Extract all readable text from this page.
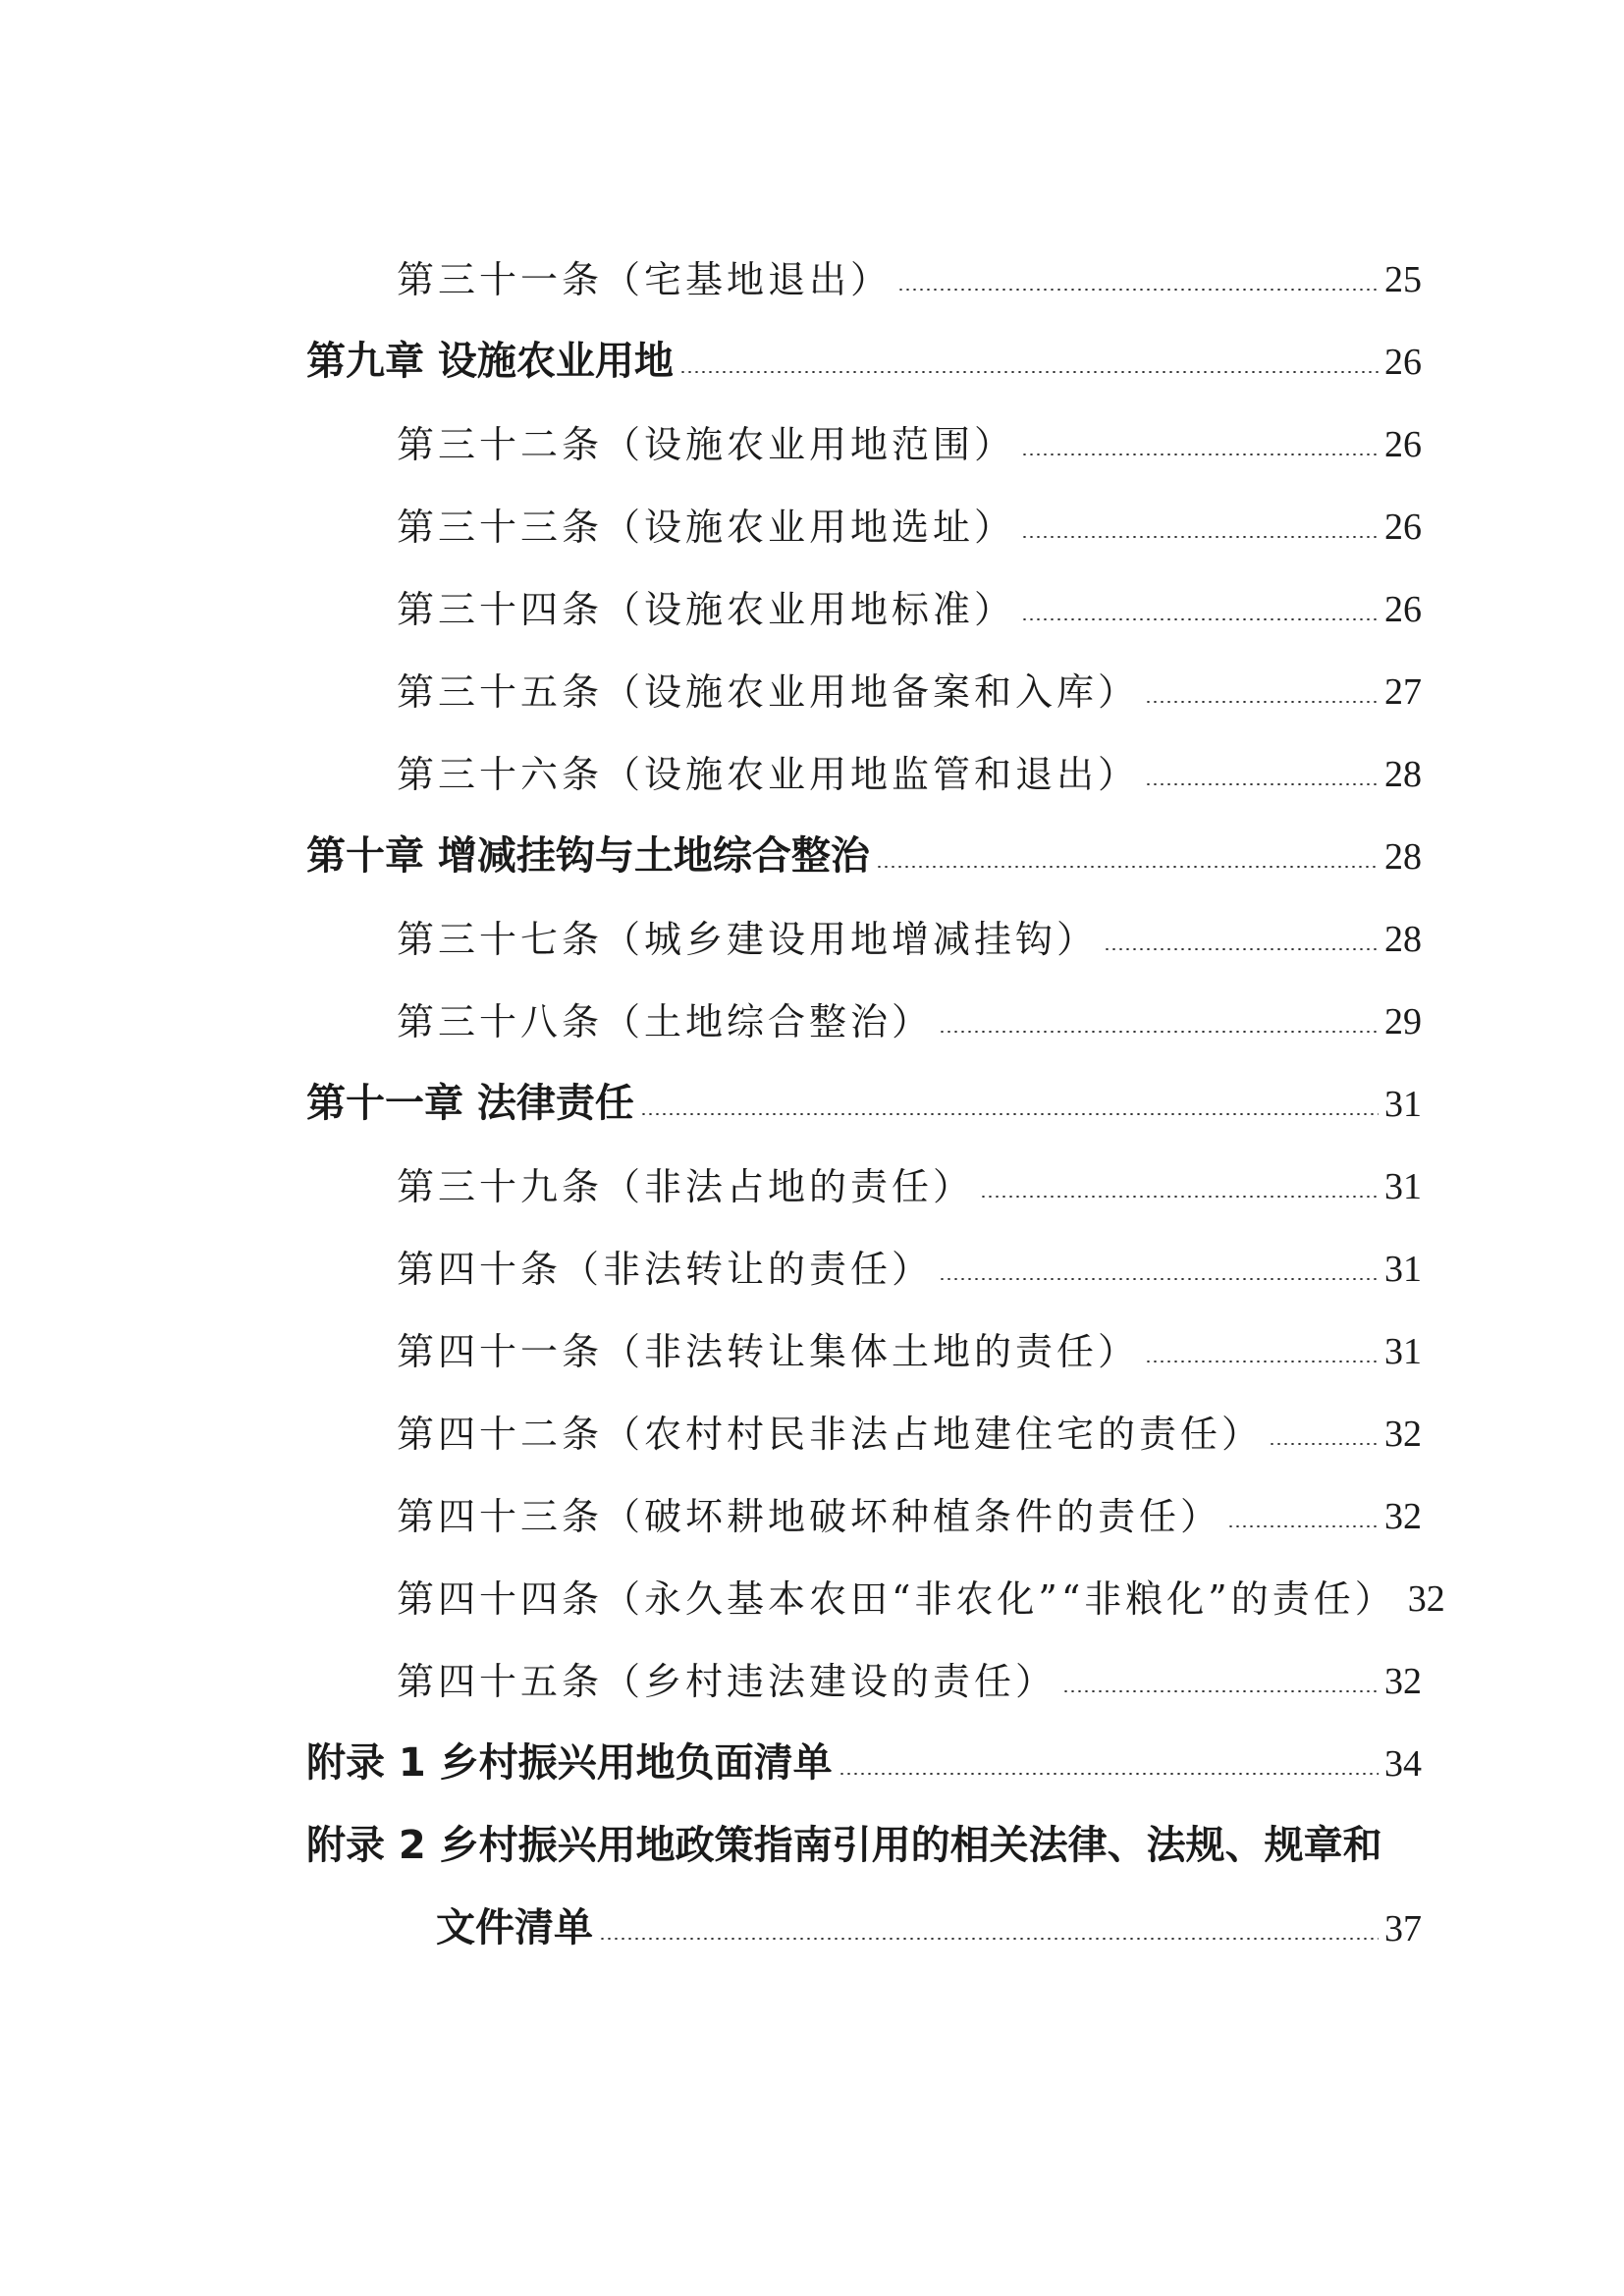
第三十一条（宅基地退出）	25
第九章 设施农业用地	26
第三十二条（设施农业用地范围）	26
第三十三条（设施农业用地选址）	26
第三十四条（设施农业用地标准）	26
第三十五条（设施农业用地备案和入库）	27
第三十六条（设施农业用地监管和退出）	28
第十章 增减挂钩与土地综合整治	28
第三十七条（城乡建设用地增减挂钩）	28
第三十八条（土地综合整治）	29
第十一章 法律责任	31
第三十九条（非法占地的责任）	31
第四十条（非法转让的责任）	31
第四十一条（非法转让集体土地的责任）	31
第四十二条（农村村民非法占地建住宅的责任）	32
第四十三条（破坏耕地破坏种植条件的责任）	32
第四十四条（永久基本农田“非农化”“非粮化”的责任） 32
第四十五条（乡村违法建设的责任）	32
附录 1 乡村振兴用地负面清单	34
附录 2 乡村振兴用地政策指南引用的相关法律、法规、规章和
文件清单	37
